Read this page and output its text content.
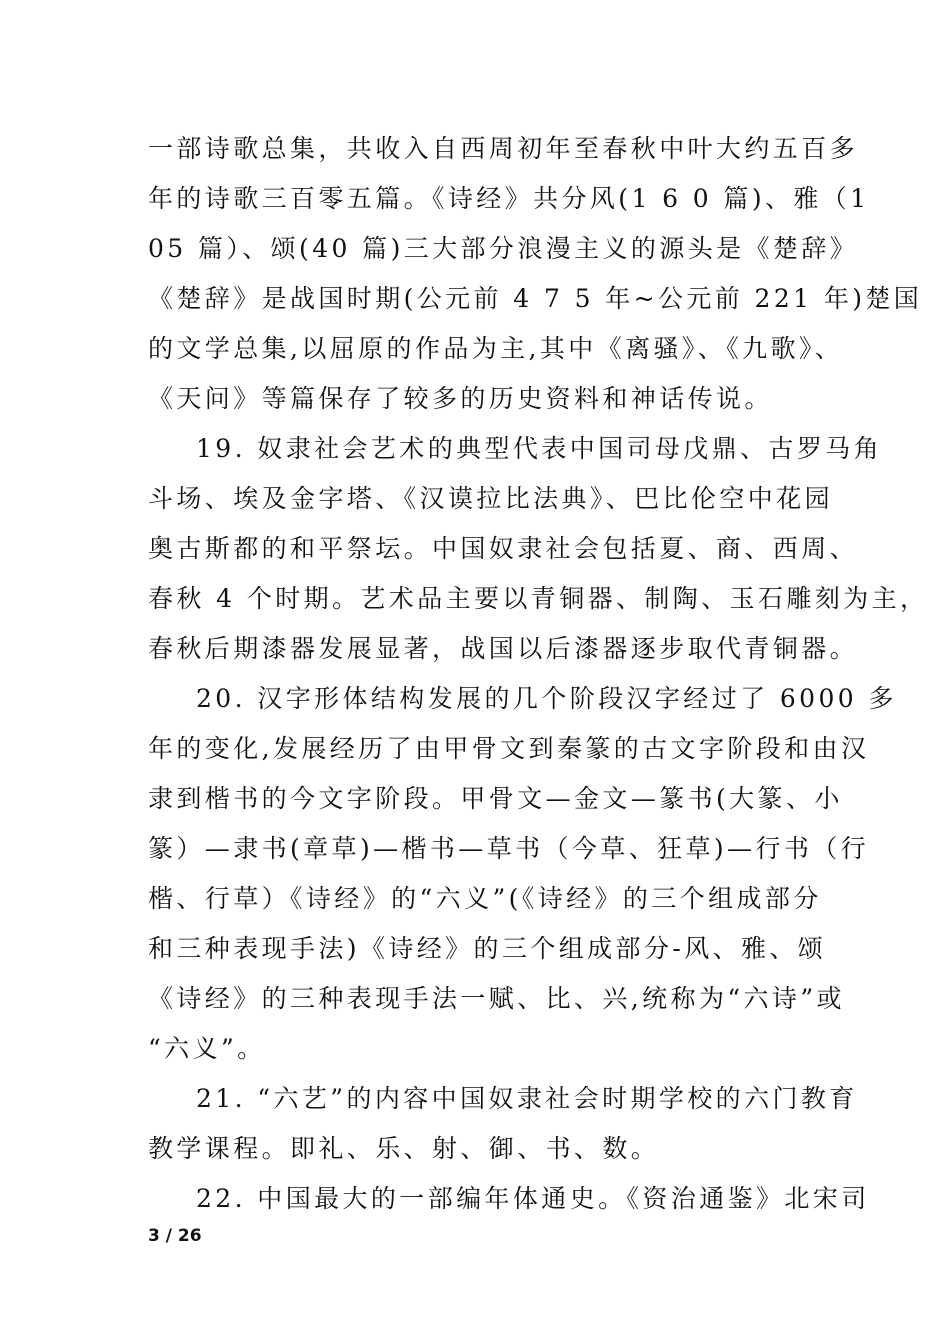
一部诗歌总集，共收入自西周初年至春秋中叶大约五百多
年的诗歌三百零五篇。《诗经》共分风(1 6 0 篇)、雅（1
05 篇）、颂(40 篇)三大部分浪漫主义的源头是《楚辞》
《楚辞》是战国时期(公元前 4 7 5 年~公元前 221 年)楚国
的文学总集,以屈原的作品为主,其中《离骚》、《九歌》、
《天问》等篇保存了较多的历史资料和神话传说。
19. 奴隶社会艺术的典型代表中国司母戊鼎、古罗马角
斗场、埃及金字塔、《汉谟拉比法典》、巴比伦空中花园
奥古斯都的和平祭坛。中国奴隶社会包括夏、商、西周、
春秋 4 个时期。艺术品主要以青铜器、制陶、玉石雕刻为主，
春秋后期漆器发展显著，战国以后漆器逐步取代青铜器。
20. 汉字形体结构发展的几个阶段汉字经过了 6000 多
年的变化,发展经历了由甲骨文到秦篆的古文字阶段和由汉
隶到楷书的今文字阶段。甲骨文—金文—篆书(大篆、小
篆）—隶书(章草)—楷书—草书（今草、狂草)—行书（行
楷、行草）《诗经》的“六义”(《诗经》的三个组成部分
和三种表现手法)《诗经》的三个组成部分-风、雅、颂
《诗经》的三种表现手法一赋、比、兴,统称为“六诗”或
“六义”。
21. “六艺”的内容中国奴隶社会时期学校的六门教育
教学课程。即礼、乐、射、御、书、数。
22. 中国最大的一部编年体通史。《资治通鉴》北宋司
3 / 26
